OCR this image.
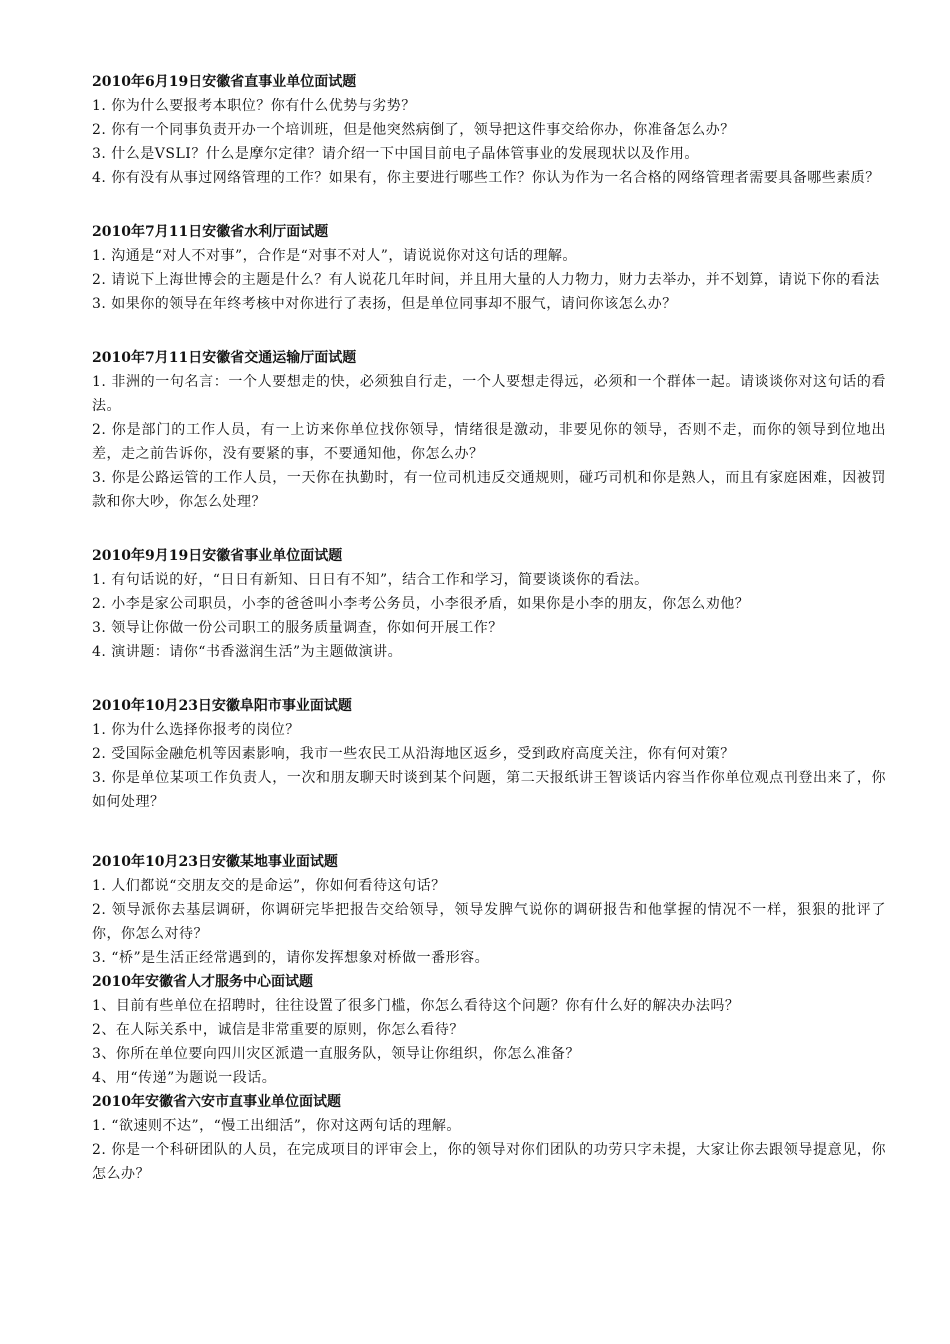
2010年6月19日安徽省直事业单位面试题
1. 你为什么要报考本职位？你有什么优势与劣势？
2. 你有一个同事负责开办一个培训班，但是他突然病倒了，领导把这件事交给你办，你准备怎么办？
3. 什么是VSLI？什么是摩尔定律？请介绍一下中国目前电子晶体管事业的发展现状以及作用。
4. 你有没有从事过网络管理的工作？如果有，你主要进行哪些工作？你认为作为一名合格的网络管理者需要具备哪些素质？
2010年7月11日安徽省水利厅面试题
1. 沟通是“对人不对事”，合作是“对事不对人”，请说说你对这句话的理解。
2. 请说下上海世博会的主题是什么？有人说花几年时间，并且用大量的人力物力，财力去举办，并不划算，请说下你的看法
3. 如果你的领导在年终考核中对你进行了表扬，但是单位同事却不服气，请问你该怎么办？
2010年7月11日安徽省交通运输厅面试题
1. 非洲的一句名言：一个人要想走的快，必须独自行走，一个人要想走得远，必须和一个群体一起。请谈谈你对这句话的看法。
2. 你是部门的工作人员，有一上访来你单位找你领导，情绪很是激动，非要见你的领导，否则不走，而你的领导到位地出差，走之前告诉你，没有要紧的事，不要通知他，你怎么办？
3. 你是公路运管的工作人员，一天你在执勤时，有一位司机违反交通规则，碰巧司机和你是熟人，而且有家庭困难，因被罚款和你大吵，你怎么处理？
2010年9月19日安徽省事业单位面试题
1. 有句话说的好，“日日有新知、日日有不知”，结合工作和学习，简要谈谈你的看法。
2. 小李是家公司职员，小李的爸爸叫小李考公务员，小李很矛盾，如果你是小李的朋友，你怎么劝他？
3. 领导让你做一份公司职工的服务质量调查，你如何开展工作？
4. 演讲题：请你“书香滋润生活”为主题做演讲。
2010年10月23日安徽阜阳市事业面试题
1. 你为什么选择你报考的岗位？
2. 受国际金融危机等因素影响，我市一些农民工从沿海地区返乡，受到政府高度关注，你有何对策？
3. 你是单位某项工作负责人，一次和朋友聊天时谈到某个问题，第二天报纸讲王智谈话内容当作你单位观点刊登出来了，你如何处理？
2010年10月23日安徽某地事业面试题
1. 人们都说“交朋友交的是命运”，你如何看待这句话？
2. 领导派你去基层调研，你调研完毕把报告交给领导，领导发脾气说你的调研报告和他掌握的情况不一样，狠狠的批评了你，你怎么对待？
3. “桥”是生活正经常遇到的，请你发挥想象对桥做一番形容。
2010年安徽省人才服务中心面试题
1、目前有些单位在招聘时，往往设置了很多门槛，你怎么看待这个问题？你有什么好的解决办法吗？
2、在人际关系中，诚信是非常重要的原则，你怎么看待？
3、你所在单位要向四川灾区派遣一直服务队，领导让你组织，你怎么准备？
4、用“传递”为题说一段话。
2010年安徽省六安市直事业单位面试题
1. “欲速则不达”，“慢工出细活”，你对这两句话的理解。
2. 你是一个科研团队的人员，在完成项目的评审会上，你的领导对你们团队的功劳只字未提，大家让你去跟领导提意见，你怎么办？
